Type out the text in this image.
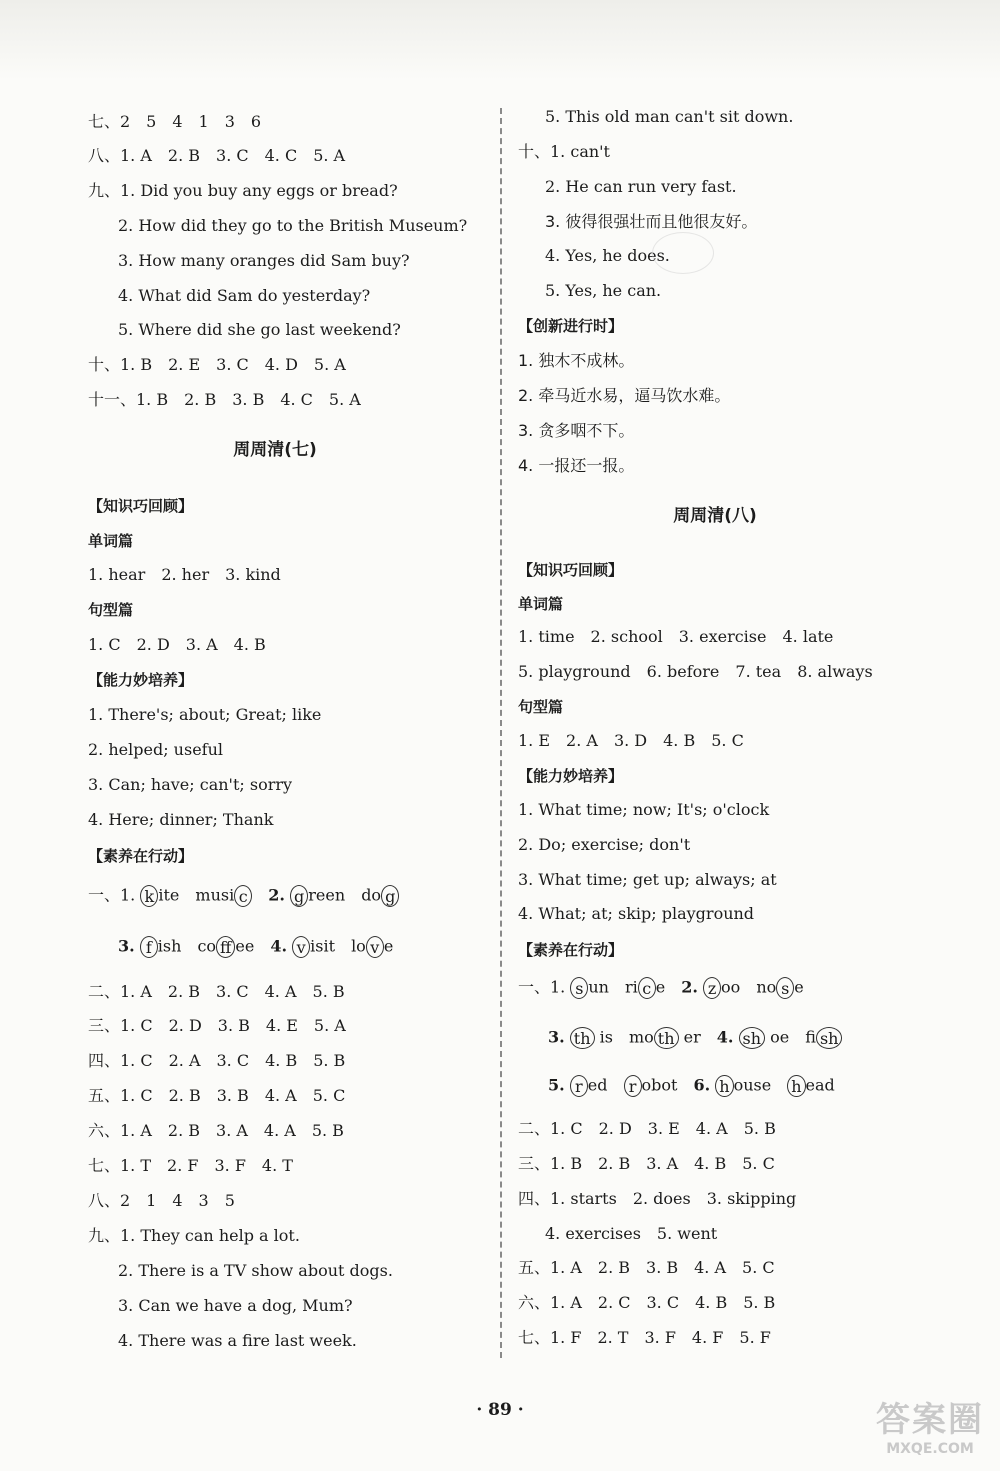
七、2　5　4　1　3　6
八、1. A　2. B　3. C　4. C　5. A
九、1. Did you buy any eggs or bread?
2. How did they go to the British Museum?
3. How many oranges did Sam buy?
4. What did Sam do yesterday?
5. Where did she go last weekend?
十、1. B　2. E　3. C　4. D　5. A
十一、1. B　2. B　3. B　4. C　5. A
周周清(七)
【知识巧回顾】
单词篇
1. hear　2. her　3. kind
句型篇
1. C　2. D　3. A　4. B
【能力妙培养】
1. There's; about; Great; like
2. helped; useful
3. Can; have; can't; sorry
4. Here; dinner; Thank
【素养在行动】
一、1. k ite　 musi c　 2. g reen　 do g
3. f ish　 co ff ee　 4. v isit　 lo v e
二、1. A　2. B　3. C　4. A　5. B
三、1. C　2. D　3. B　4. E　5. A
四、1. C　2. A　3. C　4. B　5. B
五、1. C　2. B　3. B　4. A　5. C
六、1. A　2. B　3. A　4. A　5. B
七、1. T　2. F　3. F　4. T
八、2　1　4　3　5
九、1. They can help a lot.
2. There is a TV show about dogs.
3. Can we have a dog, Mum?
4. There was a fire last week.
5. This old man can't sit down.
十、1. can't
2. He can run very fast.
3. 彼得很强壮而且他很友好。
4. Yes, he does.
5. Yes, he can.
【创新进行时】
1. 独木不成林。
2. 牵马近水易，逼马饮水难。
3. 贪多咽不下。
4. 一报还一报。
周周清(八)
【知识巧回顾】
单词篇
1. time　2. school　3. exercise　4. late
5. playground　6. before　7. tea　8. always
句型篇
1. E　2. A　3. D　4. B　5. C
【能力妙培养】
1. What time; now; It's; o'clock
2. Do; exercise; don't
3. What time; get up; always; at
4. What; at; skip; playground
【素养在行动】
一、1. s un　 ri c e　 2. z oo　 no s e
3. th is　 mo th er　 4. sh oe　 fi sh
5. r ed　 r obot　 6. h ouse　 h ead
二、1. C　2. D　3. E　4. A　5. B
三、1. B　2. B　3. A　4. B　5. C
四、1. starts　2. does　3. skipping
4. exercises　5. went
五、1. A　2. B　3. B　4. A　5. C
六、1. A　2. C　3. C　4. B　5. B
七、1. F　2. T　3. F　4. F　5. F
· 89 ·	答案圈
MXQE.COM
